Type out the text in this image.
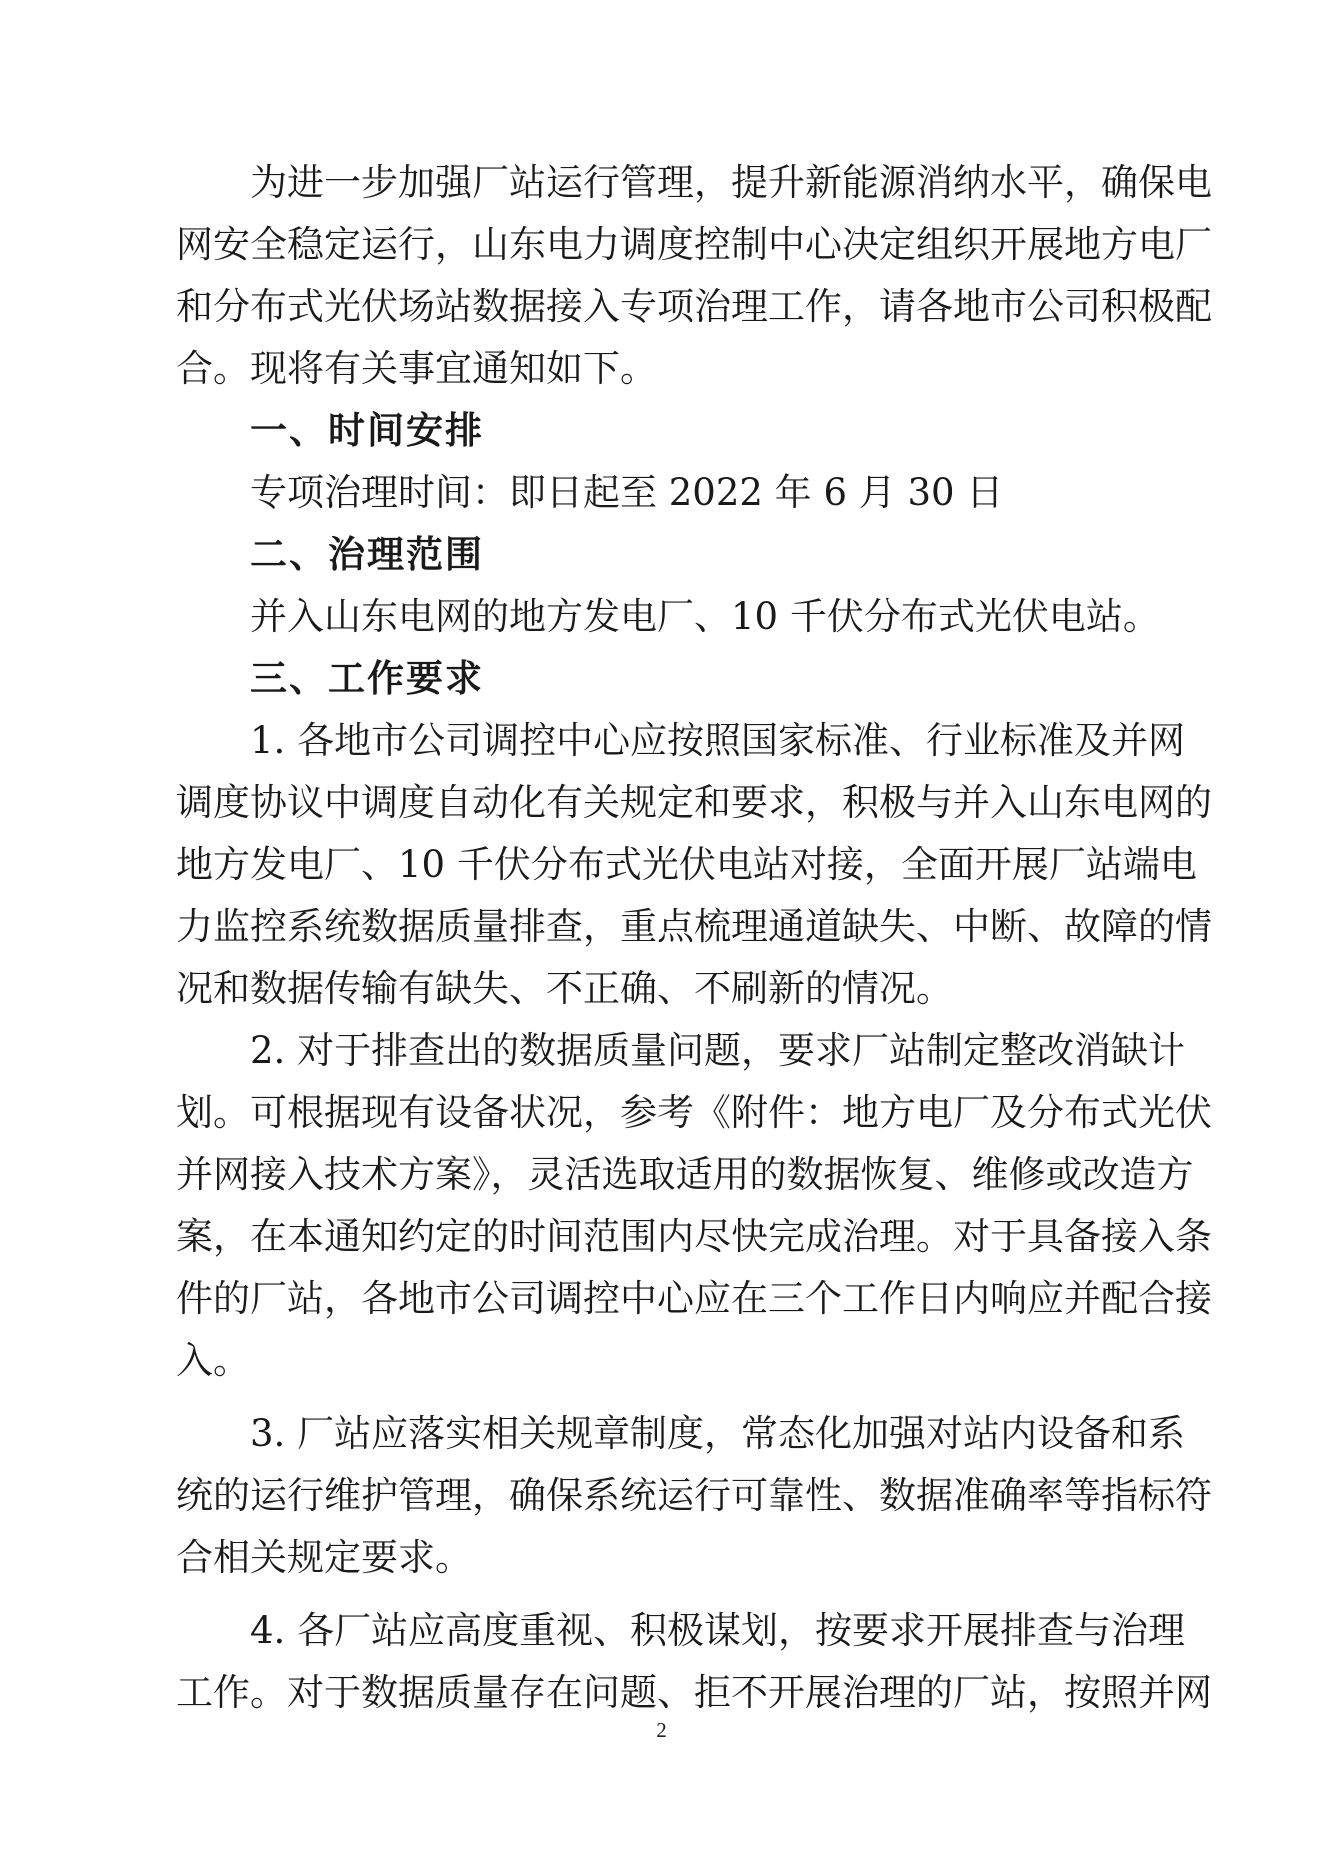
为进一步加强厂站运行管理，提升新能源消纳水平，确保电
网安全稳定运行，山东电力调度控制中心决定组织开展地方电厂
和分布式光伏场站数据接入专项治理工作，请各地市公司积极配
合。现将有关事宜通知如下。
一、时间安排
专项治理时间：即日起至 2022 年 6 月 30 日
二、治理范围
并入山东电网的地方发电厂、10 千伏分布式光伏电站。
三、工作要求
1. 各地市公司调控中心应按照国家标准、行业标准及并网
调度协议中调度自动化有关规定和要求，积极与并入山东电网的
地方发电厂、10 千伏分布式光伏电站对接，全面开展厂站端电
力监控系统数据质量排查，重点梳理通道缺失、中断、故障的情
况和数据传输有缺失、不正确、不刷新的情况。
2. 对于排查出的数据质量问题，要求厂站制定整改消缺计
划。可根据现有设备状况，参考《附件：地方电厂及分布式光伏
并网接入技术方案》，灵活选取适用的数据恢复、维修或改造方
案，在本通知约定的时间范围内尽快完成治理。对于具备接入条
件的厂站，各地市公司调控中心应在三个工作日内响应并配合接
入。
3. 厂站应落实相关规章制度，常态化加强对站内设备和系
统的运行维护管理，确保系统运行可靠性、数据准确率等指标符
合相关规定要求。
4. 各厂站应高度重视、积极谋划，按要求开展排查与治理
工作。对于数据质量存在问题、拒不开展治理的厂站，按照并网
2
